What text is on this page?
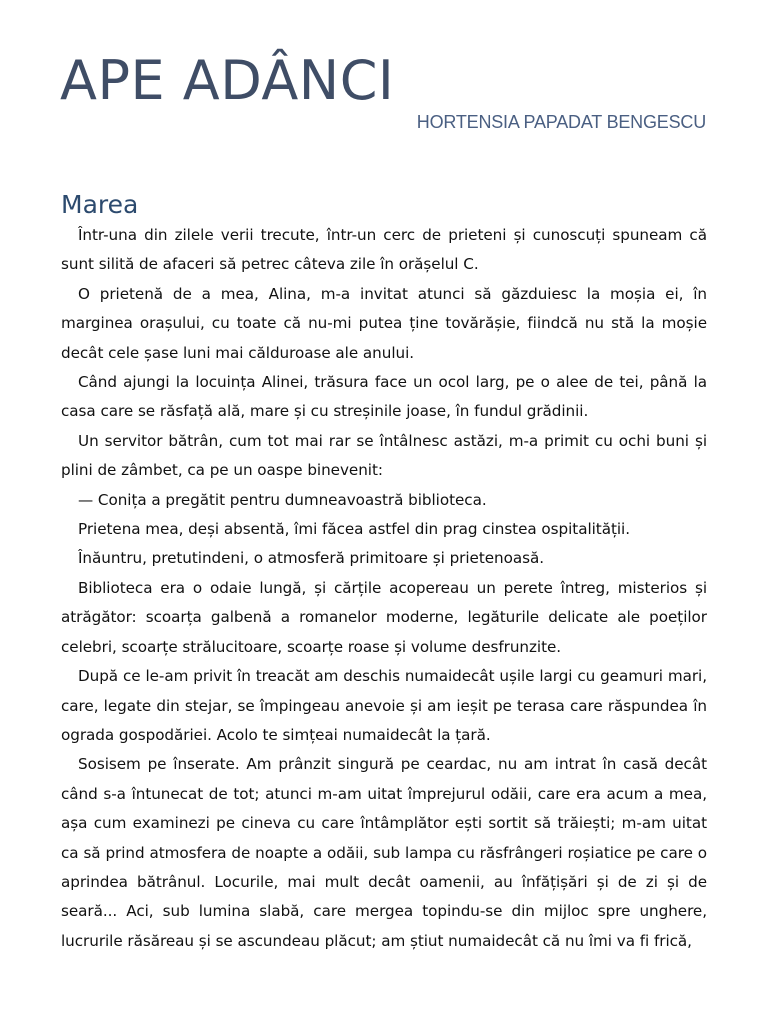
APE ADÂNCI
HORTENSIA PAPADAT BENGESCU
Marea

Într-una din zilele verii trecute, într-un cerc de prieteni și cunoscuți spuneam că sunt silită de afaceri să petrec câteva zile în orășelul C.

O prietenă de a mea, Alina, m-a invitat atunci să găzduiesc la moșia ei, în marginea orașului, cu toate că nu-mi putea ține tovărășie, fiindcă nu stă la moșie decât cele șase luni mai călduroase ale anului.

Când ajungi la locuința Alinei, trăsura face un ocol larg, pe o alee de tei, până la casa care se răsfață ală, mare și cu streșinile joase, în fundul grădinii.

Un servitor bătrân, cum tot mai rar se întâlnesc astăzi, m-a primit cu ochi buni și plini de zâmbet, ca pe un oaspe binevenit:

— Conița a pregătit pentru dumneavoastră biblioteca.

Prietena mea, deși absentă, îmi făcea astfel din prag cinstea ospitalității.

Înăuntru, pretutindeni, o atmosferă primitoare și prietenoasă.

Biblioteca era o odaie lungă, și cărțile acopereau un perete întreg, misterios și atrăgător: scoarța galbenă a romanelor moderne, legăturile delicate ale poeților celebri, scoarțe strălucitoare, scoarțe roase și volume desfrunzite.

După ce le-am privit în treacăt am deschis numaidecât ușile largi cu geamuri mari, care, legate din stejar, se împingeau anevoie și am ieșit pe terasa care răspundea în ograda gospodăriei. Acolo te simțeai numaidecât la țară.

Sosisem pe înserate. Am prânzit singură pe ceardac, nu am intrat în casă decât când s-a întunecat de tot; atunci m-am uitat împrejurul odăii, care era acum a mea, așa cum examinezi pe cineva cu care întâmplător ești sortit să trăiești; m-am uitat ca să prind atmosfera de noapte a odăii, sub lampa cu răsfrângeri roșiatice pe care o aprindea bătrânul. Locurile, mai mult decât oamenii, au înfățișări și de zi și de seară... Aci, sub lumina slabă, care mergea topindu-se din mijloc spre unghere, lucrurile răsăreau și se ascundeau plăcut; am știut numaidecât că nu îmi va fi frică,
